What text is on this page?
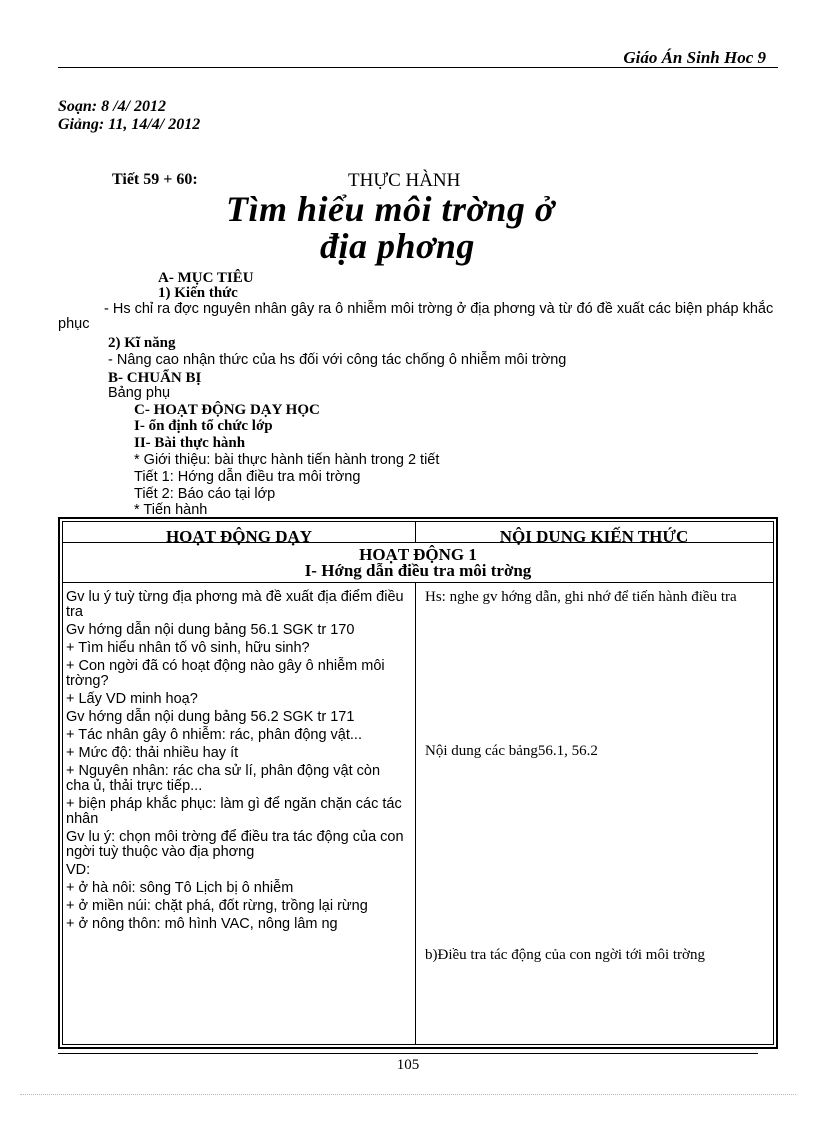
Giáo Án Sinh Hoc 9
Soạn: 8 /4/ 2012
Giảng: 11, 14/4/ 2012
Tiết 59 + 60:	THỰC HÀNH
Tìm hiểu môi trờng ở
địa phơng
A- MỤC TIÊU
1) Kiến thức
- Hs chỉ ra đợc nguyên nhân gây ra ô nhiễm môi trờng ở địa phơng và từ đó đề xuất các biện pháp khắc phục
2) Kĩ năng
- Nâng cao nhận thức của hs đối với công tác chống ô nhiễm môi trờng
B- CHUẨN BỊ
Bảng phụ
C- HOẠT ĐỘNG DẠY HỌC
I- ổn định tổ chức lớp
II- Bài thực hành
* Giới thiệu: bài thực hành tiến hành trong 2 tiết
Tiết 1: Hớng dẫn điều tra môi trờng
Tiết 2: Báo cáo tại lớp
* Tiến hành
HOẠT ĐỘNG DẠY	NỘI DUNG KIẾN THỨC
HOẠT ĐỘNG 1
I- Hớng dẫn điều tra môi trờng

Gv lu ý tuỳ từng địa phơng mà đề xuất địa điểm điều tra

Gv hớng dẫn nội dung bảng 56.1 SGK tr 170

+ Tìm hiểu nhân tố vô sinh, hữu sinh?

+ Con ngời đã có hoạt động nào gây ô nhiễm môi trờng?

+ Lấy VD minh hoạ?

Gv hớng dẫn nội dung bảng 56.2 SGK tr 171

+ Tác nhân gây ô nhiễm: rác, phân động vật...

+ Mức độ: thải nhiều hay ít

+ Nguyên nhân: rác cha sử lí, phân động vật còn cha ủ, thải trực tiếp...

+ biện pháp khắc phục: làm gì để ngăn chặn các tác nhân

Gv lu ý: chọn môi trờng để điều tra tác động của con ngời tuỳ thuộc vào địa phơng

VD:

+ ở hà nôi: sông Tô Lịch bị ô nhiễm

+ ở miền núi: chặt phá, đốt rừng, trồng lại rừng

+ ở nông thôn: mô hình VAC, nông lâm ng

Hs: nghe gv hớng dẫn, ghi nhớ để tiến hành điều tra
Nội dung các bảng56.1, 56.2
b)Điều tra tác động của con ngời tới môi trờng
105
